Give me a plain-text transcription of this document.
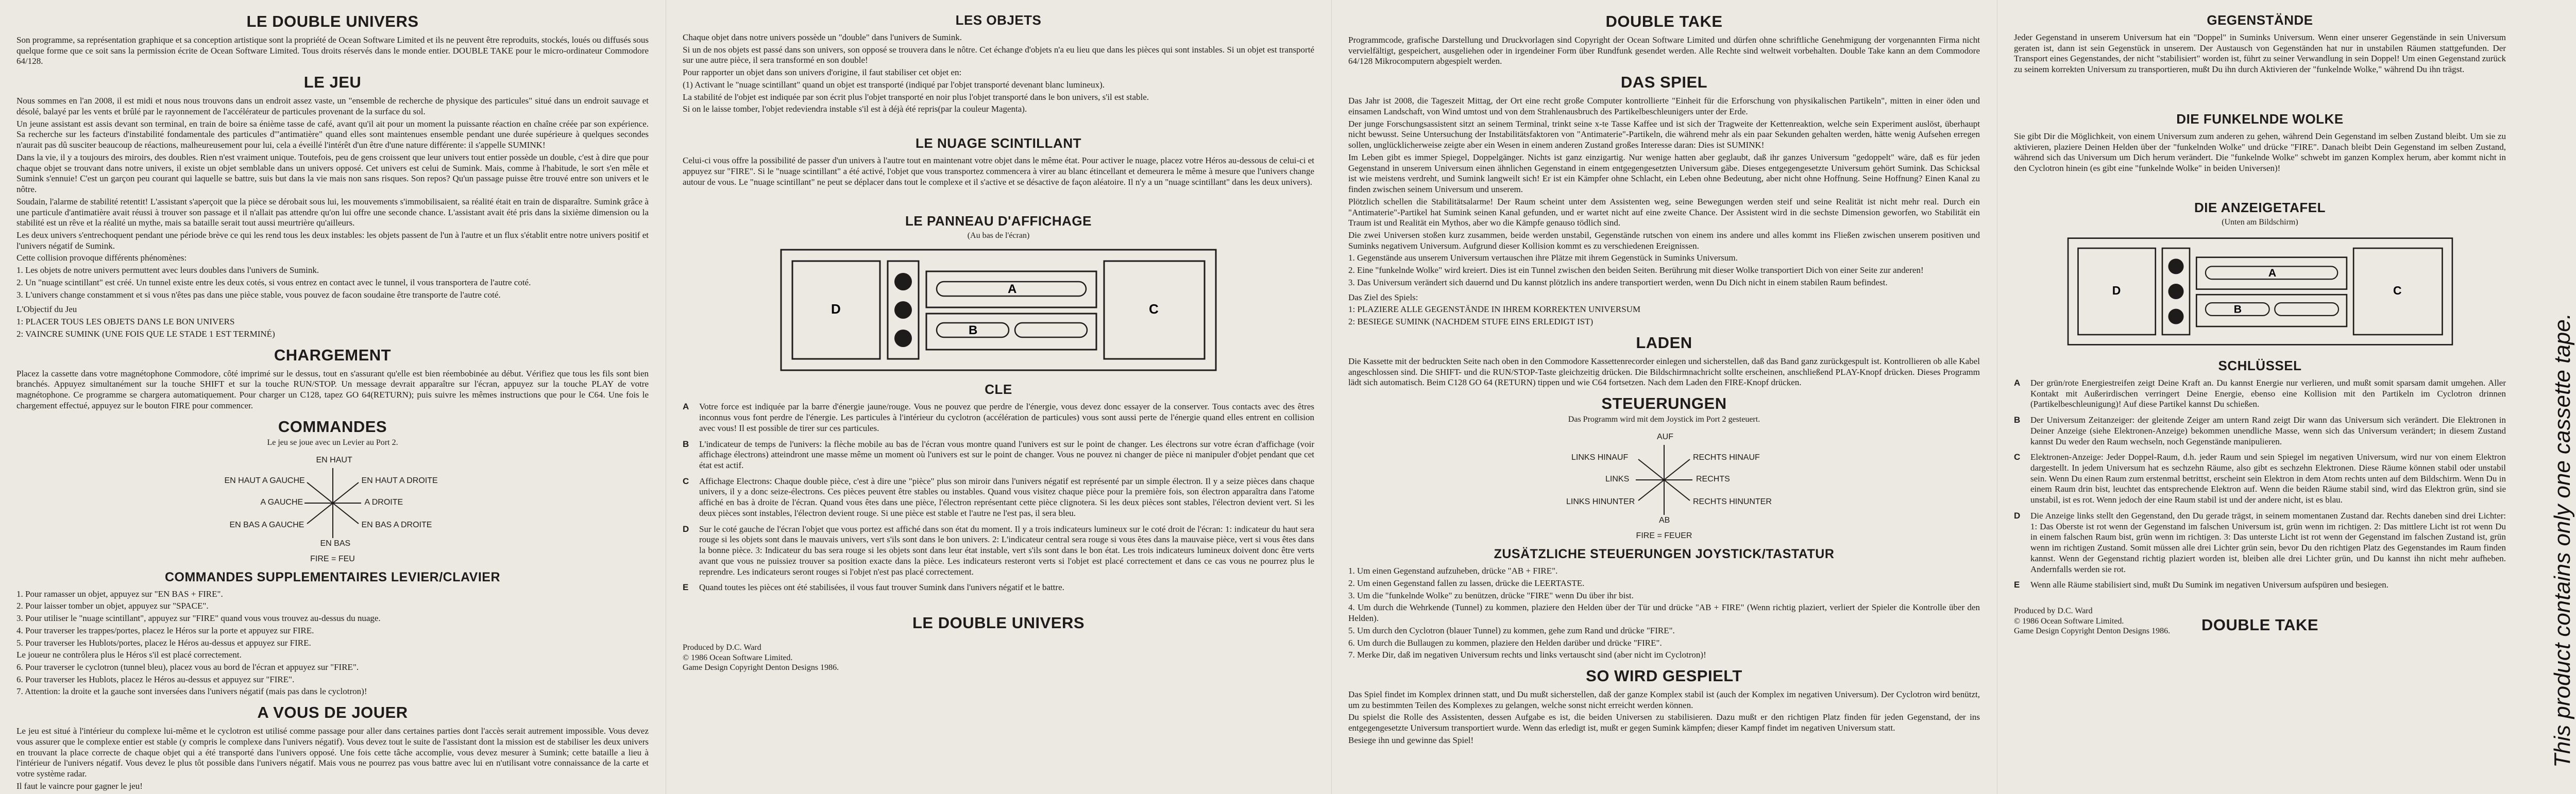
LE DOUBLE UNIVERS

Son programme, sa représentation graphique et sa conception artistique sont la propriété de Ocean Software Limited et ils ne peuvent être reproduits, stockés, loués ou diffusés sous quelque forme que ce soit sans la permission écrite de Ocean Software Limited. Tous droits réservés dans le monde entier. DOUBLE TAKE pour le micro-ordinateur Commodore 64/128.

LE JEU

Nous sommes en l'an 2008, il est midi et nous nous trouvons dans un endroit assez vaste, un "ensemble de recherche de physique des particules" situé dans un endroit sauvage et désolé, balayé par les vents et brûlé par le rayonnement de l'accélérateur de particules provenant de la surface du sol.

Un jeune assistant est assis devant son terminal, en train de boire sa énième tasse de café, avant qu'il ait pour un moment la puissante réaction en chaîne créée par son expérience. Sa recherche sur les facteurs d'instabilité fondamentale des particules d'"antimatière" quand elles sont maintenues ensemble pendant une durée supérieure à quelques secondes n'aurait pas dû susciter beaucoup de réactions, malheureusement pour lui, cela a éveillé l'intérêt d'un être d'une nature différente: il s'appelle SUMINK!

Dans la vie, il y a toujours des miroirs, des doubles. Rien n'est vraiment unique. Toutefois, peu de gens croissent que leur univers tout entier possède un double, c'est à dire que pour chaque objet se trouvant dans notre univers, il existe un objet semblable dans un univers opposé. Cet univers est celui de Sumink. Mais, comme à l'habitude, le sort s'en mêle et Sumink s'ennuie! C'est un garçon peu courant qui laquelle se battre, suis but dans la vie mais non sans risques. Son repos? Qu'un passage puisse être trouvé entre son univers et le nôtre.

Soudain, l'alarme de stabilité retentit! L'assistant s'aperçoit que la pièce se dérobait sous lui, les mouvements s'immobilisaient, sa réalité était en train de disparaître. Sumink grâce à une particule d'antimatière avait réussi à trouver son passage et il n'allait pas attendre qu'on lui offre une seconde chance. L'assistant avait été pris dans la sixième dimension ou la stabilité est un rêve et la réalité un mythe, mais sa bataille serait tout aussi meurtrière qu'ailleurs.

Les deux univers s'entrechoquent pendant une période brève ce qui les rend tous les deux instables: les objets passent de l'un à l'autre et un flux s'établit entre notre univers positif et l'univers négatif de Sumink.

Cette collision provoque différents phénomènes:

1. Les objets de notre univers permuttent avec leurs doubles dans l'univers de Sumink.

2. Un "nuage scintillant" est créé. Un tunnel existe entre les deux cotés, si vous entrez en contact avec le tunnel, il vous transportera de l'autre coté.

3. L'univers change constamment et si vous n'êtes pas dans une pièce stable, vous pouvez de facon soudaine être transporte de l'autre coté.

L'Objectif du Jeu

1: PLACER TOUS LES OBJETS DANS LE BON UNIVERS

2: VAINCRE SUMINK (UNE FOIS QUE LE STADE 1 EST TERMINÉ)

CHARGEMENT

Placez la cassette dans votre magnétophone Commodore, côté imprimé sur le dessus, tout en s'assurant qu'elle est bien réembobinée au début. Vérifiez que tous les fils sont bien branchés. Appuyez simultanément sur la touche SHIFT et sur la touche RUN/STOP. Un message devrait apparaître sur l'écran, appuyez sur la touche PLAY de votre magnétophone. Ce programme se chargera automatiquement. Pour charger un C128, tapez GO 64(RETURN); puis suivre les mêmes instructions que pour le C64. Une fois le chargement effectué, appuyez sur le bouton FIRE pour commencer.

COMMANDES
Le jeu se joue avec un Levier au Port 2.
EN HAUT
EN HAUT A GAUCHE	EN HAUT A DROITE
A GAUCHE	A DROITE
EN BAS A GAUCHE	EN BAS A DROITE
EN BAS
FIRE = FEU
COMMANDES SUPPLEMENTAIRES LEVIER/CLAVIER

1. Pour ramasser un objet, appuyez sur "EN BAS + FIRE".

2. Pour laisser tomber un objet, appuyez sur "SPACE".

3. Pour utiliser le "nuage scintillant", appuyez sur "FIRE" quand vous vous trouvez au-dessus du nuage.

4. Pour traverser les trappes/portes, placez le Héros sur la porte et appuyez sur FIRE.

5. Pour traverser les Hublots/portes, placez le Héros au-dessus et appuyez sur FIRE.

Le joueur ne contrôlera plus le Héros s'il est placé correctement.

6. Pour traverser le cyclotron (tunnel bleu), placez vous au bord de l'écran et appuyez sur "FIRE".

6. Pour traverser les Hublots, placez le Héros au-dessus et appuyez sur "FIRE".

7. Attention: la droite et la gauche sont inversées dans l'univers négatif (mais pas dans le cyclotron)!

A VOUS DE JOUER

Le jeu est situé à l'intérieur du complexe lui-même et le cyclotron est utilisé comme passage pour aller dans certaines parties dont l'accès serait autrement impossible. Vous devez vous assurer que le complexe entier est stable (y compris le complexe dans l'univers négatif). Vous devez tout le suite de l'assistant dont la mission est de stabiliser les deux univers en trouvant la place correcte de chaque objet qui a été transporté dans l'univers opposé. Une fois cette tâche accomplie, vous devez mesurer à Sumink; cette bataille a lieu à l'intérieur de l'univers négatif. Vous devez le plus tôt possible dans l'univers négatif. Mais vous ne pourrez pas vous battre avec lui en n'utilisant votre connaissance de la carte et votre système radar.

Il faut le vaincre pour gagner le jeu!

LES OBJETS

Chaque objet dans notre univers possède un "double" dans l'univers de Sumink.

Si un de nos objets est passé dans son univers, son opposé se trouvera dans le nôtre. Cet échange d'objets n'a eu lieu que dans les pièces qui sont instables. Si un objet est transporté sur une autre pièce, il sera transformé en son double!

Pour rapporter un objet dans son univers d'origine, il faut stabiliser cet objet en:

(1) Activant le "nuage scintillant" quand un objet est transporté (indiqué par l'objet transporté devenant blanc lumineux).

La stabilité de l'objet est indiquée par son écrit plus l'objet transporté en noir plus l'objet transporté dans le bon univers, s'il est stable.

Si on le laisse tomber, l'objet redeviendra instable s'il est à déjà été repris(par la couleur Magenta).

LE NUAGE SCINTILLANT

Celui-ci vous offre la possibilité de passer d'un univers à l'autre tout en maintenant votre objet dans le même état. Pour activer le nuage, placez votre Héros au-dessous de celui-ci et appuyez sur "FIRE". Si le "nuage scintillant" a été activé, l'objet que vous transportez commencera à virer au blanc étincellant et demeurera le même à mesure que l'univers change autour de vous. Le "nuage scintillant" ne peut se déplacer dans tout le complexe et il s'active et se désactive de façon aléatoire. Il n'y a un "nuage scintillant" dans les deux univers).

LE PANNEAU D'AFFICHAGE
(Au bas de l'écran)
D
A
B
C
CLE
A	Votre force est indiquée par la barre d'énergie jaune/rouge. Vous ne pouvez que perdre de l'énergie, vous devez donc essayer de la conserver. Tous contacts avec des êtres inconnus vous font perdre de l'énergie. Les particules à l'intérieur du cyclotron (accélération de particules) vous sont aussi perte de l'énergie quand elles entrent en collision avec vous! Il est possible de tirer sur ces particules.
B	L'indicateur de temps de l'univers: la flèche mobile au bas de l'écran vous montre quand l'univers est sur le point de changer. Les électrons sur votre écran d'affichage (voir affichage électrons) atteindront une masse même un moment où l'univers est sur le point de changer. Vous ne pouvez ni changer de pièce ni manipuler d'objet pendant que cet état est actif.
C	Affichage Electrons: Chaque double pièce, c'est à dire une "pièce" plus son miroir dans l'univers négatif est représenté par un simple électron. Il y a seize pièces dans chaque univers, il y a donc seize-électrons. Ces pièces peuvent être stables ou instables. Quand vous visitez chaque pièce pour la première fois, son électron apparaîtra dans l'atome affiché en bas à droite de l'écran. Quand vous êtes dans une pièce, l'électron représentant cette pièce clignotera. Si les deux pièces sont stables, l'électron devient vert. Si les deux pièces sont instables, l'électron devient rouge. Si une pièce est stable et l'autre ne l'est pas, il sera bleu.
D	Sur le coté gauche de l'écran l'objet que vous portez est affiché dans son état du moment. Il y a trois indicateurs lumineux sur le coté droit de l'écran: 1: indicateur du haut sera rouge si les objets sont dans le mauvais univers, vert s'ils sont dans le bon univers. 2: L'indicateur central sera rouge si vous êtes dans la mauvaise pièce, vert si vous êtes dans la bonne pièce. 3: Indicateur du bas sera rouge si les objets sont dans leur état instable, vert s'ils sont dans le bon état. Les trois indicateurs lumineux doivent donc être verts avant que vous ne puissiez trouver sa position exacte dans la pièce. Les indicateurs resteront verts si l'objet est placé correctement et dans ce cas vous ne pourrez plus le reprendre. Les indicateurs seront rouges si l'objet n'est pas placé correctement.
E	Quand toutes les pièces ont été stabilisées, il vous faut trouver Sumink dans l'univers négatif et le battre.
LE DOUBLE UNIVERS
Produced by D.C. Ward
© 1986 Ocean Software Limited.
Game Design Copyright Denton Designs 1986.
DOUBLE TAKE

Programmcode, grafische Darstellung und Druckvorlagen sind Copyright der Ocean Software Limited und dürfen ohne schriftliche Genehmigung der vorgenannten Firma nicht vervielfältigt, gespeichert, ausgeliehen oder in irgendeiner Form über Rundfunk gesendet werden. Alle Rechte sind weltweit vorbehalten. Double Take kann an dem Commodore 64/128 Mikrocomputern abgespielt werden.

DAS SPIEL

Das Jahr ist 2008, die Tageszeit Mittag, der Ort eine recht große Computer kontrollierte "Einheit für die Erforschung von physikalischen Partikeln", mitten in einer öden und einsamen Landschaft, von Wind umtost und von dem Strahlenausbruch des Partikelbeschleunigers unter der Erde.

Der junge Forschungsassistent sitzt an seinem Terminal, trinkt seine x-te Tasse Kaffee und ist sich der Tragweite der Kettenreaktion, welche sein Experiment auslöst, überhaupt nicht bewusst. Seine Untersuchung der Instabilitätsfaktoren von "Antimaterie"-Partikeln, die während mehr als ein paar Sekunden gehalten werden, hätte wenig Aufsehen erregen sollen, unglücklicherweise zeigte aber ein Wesen in einem anderen Zustand großes Interesse daran: Dies ist SUMINK!

Im Leben gibt es immer Spiegel, Doppelgänger. Nichts ist ganz einzigartig. Nur wenige hatten aber geglaubt, daß ihr ganzes Universum "gedoppelt" wäre, daß es für jeden Gegenstand in unserem Universum einen ähnlichen Gegenstand in einem entgegengesetzten Universum gäbe. Dieses entgegengesetzte Universum gehört Sumink. Das Schicksal ist wie meistens verdreht, und Sumink langweilt sich! Er ist ein Kämpfer ohne Schlacht, ein Leben ohne Bedeutung, aber nicht ohne Hoffnung. Seine Hoffnung? Einen Kanal zu finden zwischen seinem Universum und unserem.

Plötzlich schellen die Stabilitätsalarme! Der Raum scheint unter dem Assistenten weg, seine Bewegungen werden steif und seine Realität ist nicht mehr real. Durch ein "Antimaterie"-Partikel hat Sumink seinen Kanal gefunden, und er wartet nicht auf eine zweite Chance. Der Assistent wird in die sechste Dimension geworfen, wo Stabilität ein Traum ist und Realität ein Mythos, aber wo die Kämpfe genauso tödlich sind.

Die zwei Universen stoßen kurz zusammen, beide werden unstabil, Gegenstände rutschen von einem ins andere und alles kommt ins Fließen zwischen unserem positiven und Suminks negativem Universum. Aufgrund dieser Kollision kommt es zu verschiedenen Ereignissen.

1. Gegenstände aus unserem Universum vertauschen ihre Plätze mit ihrem Gegenstück in Suminks Universum.

2. Eine "funkelnde Wolke" wird kreiert. Dies ist ein Tunnel zwischen den beiden Seiten. Berührung mit dieser Wolke transportiert Dich von einer Seite zur anderen!

3. Das Universum verändert sich dauernd und Du kannst plötzlich ins andere transportiert werden, wenn Du Dich nicht in einem stabilen Raum befindest.

Das Ziel des Spiels:

1: PLAZIERE ALLE GEGENSTÄNDE IN IHREM KORREKTEN UNIVERSUM

2: BESIEGE SUMINK (NACHDEM STUFE EINS ERLEDIGT IST)

LADEN

Die Kassette mit der bedruckten Seite nach oben in den Commodore Kassettenrecorder einlegen und sicherstellen, daß das Band ganz zurückgespult ist. Kontrollieren ob alle Kabel angeschlossen sind. Die SHIFT- und die RUN/STOP-Taste gleichzeitig drücken. Die Bildschirmnachricht sollte erscheinen, anschließend PLAY-Knopf drücken. Dieses Programm lädt sich automatisch. Beim C128 GO 64 (RETURN) tippen und wie C64 fortsetzen. Nach dem Laden den FIRE-Knopf drücken.

STEUERUNGEN
Das Programm wird mit dem Joystick im Port 2 gesteuert.
AUF
LINKS HINAUF	RECHTS HINAUF
LINKS	RECHTS
LINKS HINUNTER	RECHTS HINUNTER
AB
FIRE = FEUER
ZUSÄTZLICHE STEUERUNGEN JOYSTICK/TASTATUR

1. Um einen Gegenstand aufzuheben, drücke "AB + FIRE".

2. Um einen Gegenstand fallen zu lassen, drücke die LEERTASTE.

3. Um die "funkelnde Wolke" zu benützen, drücke "FIRE" wenn Du über ihr bist.

4. Um durch die Wehrkende (Tunnel) zu kommen, plaziere den Helden über der Tür und drücke "AB + FIRE" (Wenn richtig plaziert, verliert der Spieler die Kontrolle über den Helden).

5. Um durch den Cyclotron (blauer Tunnel) zu kommen, gehe zum Rand und drücke "FIRE".

6. Um durch die Bullaugen zu kommen, plaziere den Helden darüber und drücke "FIRE".

7. Merke Dir, daß im negativen Universum rechts und links vertauscht sind (aber nicht im Cyclotron)!

SO WIRD GESPIELT

Das Spiel findet im Komplex drinnen statt, und Du mußt sicherstellen, daß der ganze Komplex stabil ist (auch der Komplex im negativen Universum). Der Cyclotron wird benützt, um zu bestimmten Teilen des Komplexes zu gelangen, welche sonst nicht erreicht werden können.

Du spielst die Rolle des Assistenten, dessen Aufgabe es ist, die beiden Universen zu stabilisieren. Dazu mußt er den richtigen Platz finden für jeden Gegenstand, der ins entgegengesetzte Universum transportiert wurde. Wenn das erledigt ist, mußt er gegen Sumink kämpfen; dieser Kampf findet im negativen Universum statt.

Besiege ihn und gewinne das Spiel!

GEGENSTÄNDE

Jeder Gegenstand in unserem Universum hat ein "Doppel" in Suminks Universum. Wenn einer unserer Gegenstände in sein Universum geraten ist, dann ist sein Gegenstück in unserem. Der Austausch von Gegenständen hat nur in unstabilen Räumen stattgefunden. Der Transport eines Gegenstandes, der nicht "stabilisiert" worden ist, führt zu seiner Verwandlung in sein Doppel! Um einen Gegenstand zurück zu seinem korrekten Universum zu transportieren, mußt Du ihn durch Aktivieren der "funkelnde Wolke," während Du ihn trägst.

DIE FUNKELNDE WOLKE

Sie gibt Dir die Möglichkeit, von einem Universum zum anderen zu gehen, während Dein Gegenstand im selben Zustand bleibt. Um sie zu aktivieren, plaziere Deinen Helden über der "funkelnden Wolke" und drücke "FIRE". Danach bleibt Dein Gegenstand im selben Zustand, während sich das Universum um Dich herum verändert. Die "funkelnde Wolke" schwebt im ganzen Komplex herum, aber kommt nicht in den Cyclotron hinein (es gibt eine "funkelnde Wolke" in beiden Universen)!

DIE ANZEIGETAFEL
(Unten am Bildschirm)
D
A
B
C
SCHLÜSSEL
A	Der grün/rote Energiestreifen zeigt Deine Kraft an. Du kannst Energie nur verlieren, und mußt somit sparsam damit umgehen. Aller Kontakt mit Außerirdischen verringert Deine Energie, ebenso eine Kollision mit den Partikeln im Cyclotron drinnen (Partikelbeschleunigung)! Auf diese Partikel kannst Du schießen.
B	Der Universum Zeitanzeiger: der gleitende Zeiger am untern Rand zeigt Dir wann das Universum sich verändert. Die Elektronen in Deiner Anzeige (siehe Elektronen-Anzeige) bekommen unendliche Masse, wenn sich das Universum verändert; in diesem Zustand kannst Du weder den Raum wechseln, noch Gegenstände manipulieren.
C	Elektronen-Anzeige: Jeder Doppel-Raum, d.h. jeder Raum und sein Spiegel im negativen Universum, wird nur von einem Elektron dargestellt. In jedem Universum hat es sechzehn Räume, also gibt es sechzehn Elektronen. Diese Räume können stabil oder unstabil sein. Wenn Du einen Raum zum erstenmal betrittst, erscheint sein Elektron in dem Atom rechts unten auf dem Bildschirm. Wenn Du in einem Raum drin bist, leuchtet das entsprechende Elektron auf. Wenn die beiden Räume stabil sind, wird das Elektron grün, sind sie unstabil, ist es rot. Wenn jedoch der eine Raum stabil ist und der andere nicht, ist es blau.
D	Die Anzeige links stellt den Gegenstand, den Du gerade trägst, in seinem momentanen Zustand dar. Rechts daneben sind drei Lichter: 1: Das Oberste ist rot wenn der Gegenstand im falschen Universum ist, grün wenn im richtigen. 2: Das mittlere Licht ist rot wenn Du in einem falschen Raum bist, grün wenn im richtigen. 3: Das unterste Licht ist rot wenn der Gegenstand im falschen Zustand ist, grün wenn im richtigen Zustand. Somit müssen alle drei Lichter grün sein, bevor Du den richtigen Platz des Gegenstandes im Raum finden kannst. Wenn der Gegenstand richtig plaziert worden ist, bleiben alle drei Lichter grün, und Du kannst ihn nicht mehr aufheben. Andernfalls werden sie rot.
E	Wenn alle Räume stabilisiert sind, mußt Du Sumink im negativen Universum aufspüren und besiegen.
Produced by D.C. Ward
© 1986 Ocean Software Limited.
Game Design Copyright Denton Designs 1986.	DOUBLE TAKE	This product contains only one cassette tape.
